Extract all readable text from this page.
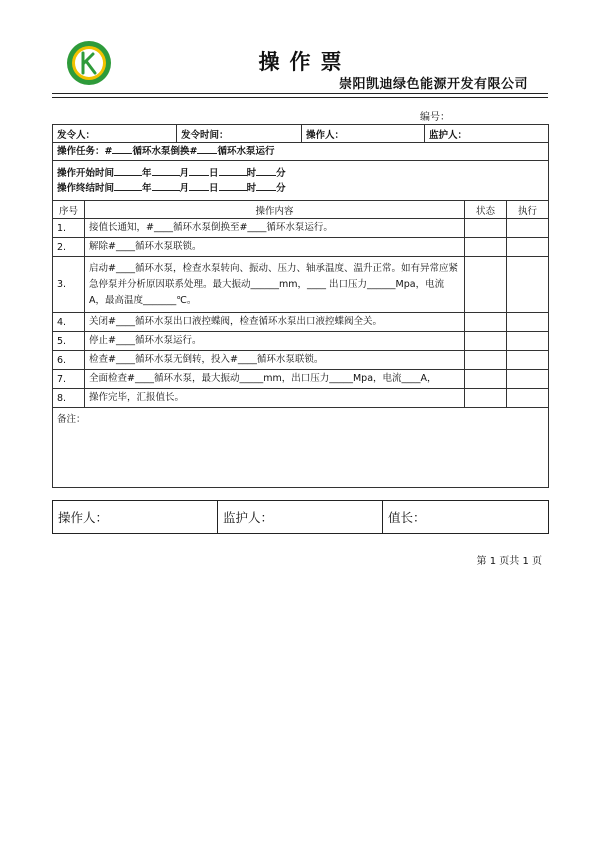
操作票
崇阳凯迪绿色能源开发有限公司
编号：
发令人：		发令时间：	操作人：	监护人：		
操作任务：# 循环水泵倒换# 循环水泵运行						

操作开始时间 年 月 日 时 分
操作终结时间 年 月 日 时 分						

序号	操作内容				状态	执行
1.	接值长通知，#____循环水泵倒换至#____循环水泵运行。					
2.	解除#____循环水泵联锁。					
3.	启动#____循环水泵，检查水泵转向、振动、压力、轴承温度、温升正常。如有异常应紧急停泵并分析原因联系处理。最大振动______mm，____ 出口压力______Mpa，电流A，最高温度_______℃。					
4.	关闭#____循环水泵出口液控蝶阀，检查循环水泵出口液控蝶阀全关。					
5.	停止#____循环水泵运行。					
6.	检查#____循环水泵无倒转，投入#____循环水泵联锁。					
7.	全面检查#____循环水泵，最大振动_____mm，出口压力_____Mpa，电流____A，					
8.	操作完毕，汇报值长。					
备注：						
操作人：	监护人：	值长：
第 1 页共 1 页
